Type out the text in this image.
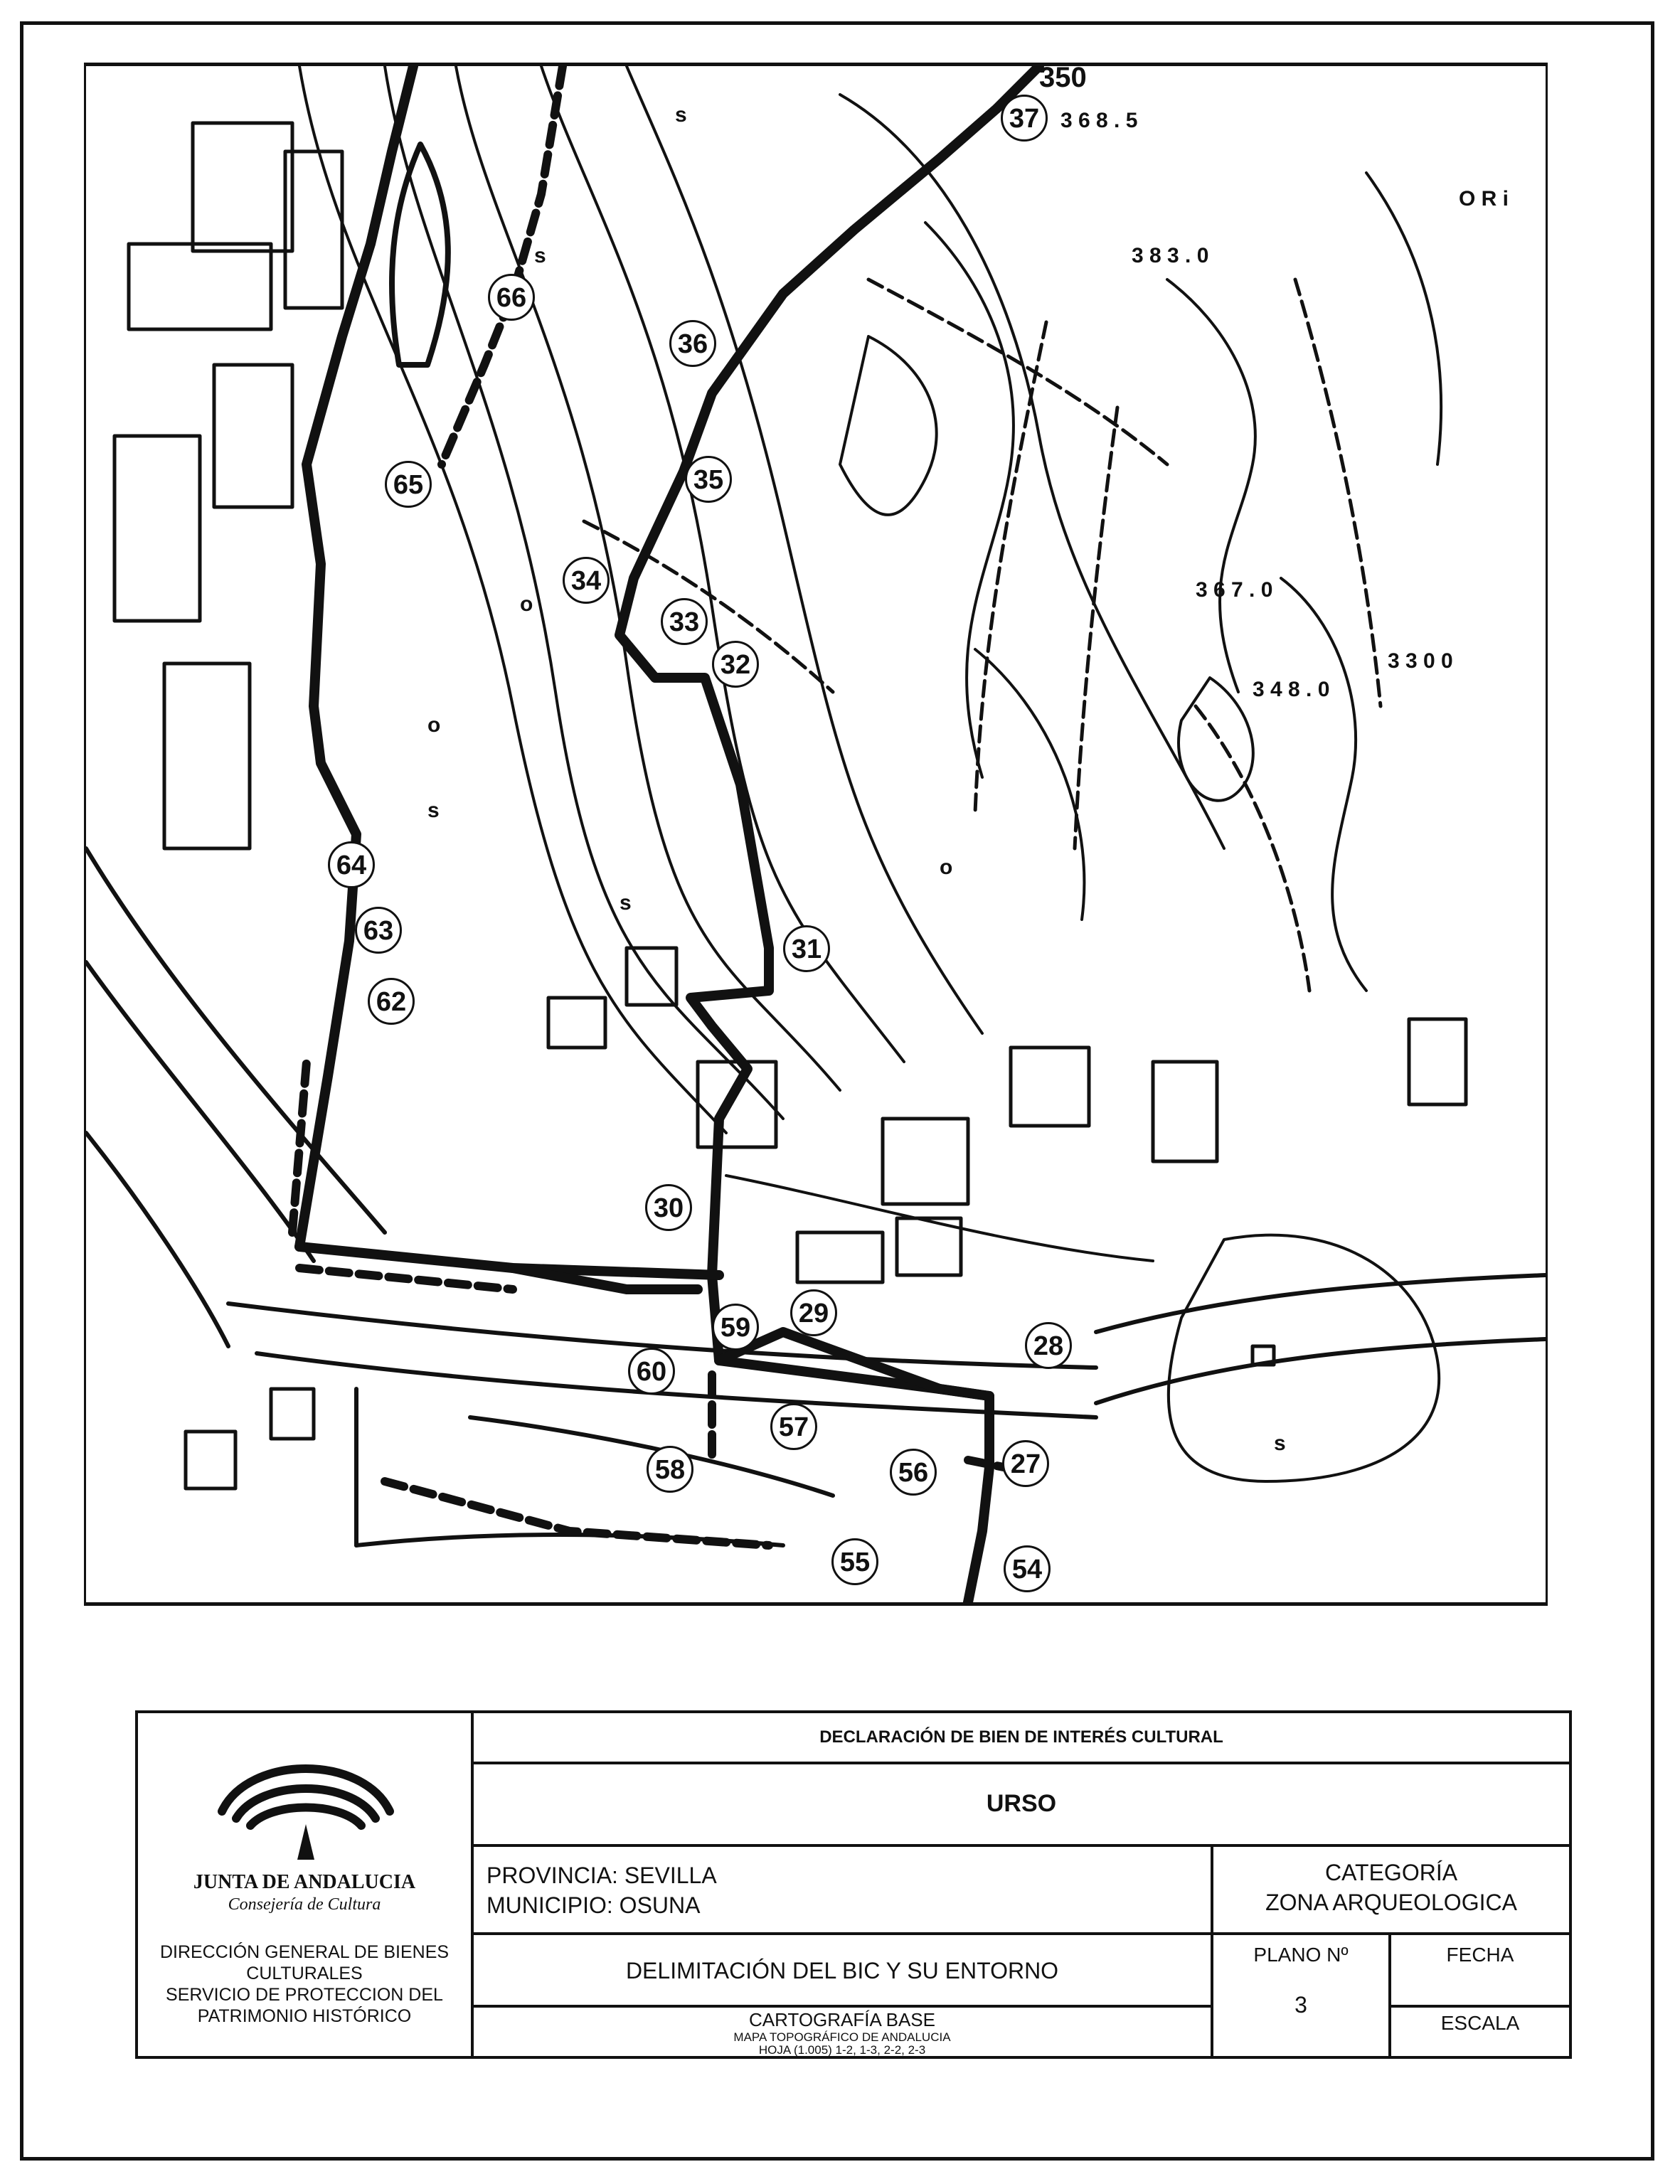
37
66
36
35
65
34
33
32
64
63
31
62
30
29
59
28
60
57
58	56	27
55	54
350
3 6 8 . 5
3 8 3 . 0
3 6 7 . 0
3 3 0 0
3 4 8 . 0
O R i
s
s
s
s
s
o
o
o
JUNTA DE ANDALUCIA
Consejería de Cultura
DIRECCIÓN GENERAL DE BIENES
CULTURALES
SERVICIO DE PROTECCION DEL
PATRIMONIO HISTÓRICO
DECLARACIÓN DE BIEN DE INTERÉS CULTURAL
URSO
PROVINCIA: SEVILLA
MUNICIPIO: OSUNA
CATEGORÍA
ZONA ARQUEOLOGICA
DELIMITACIÓN DEL BIC Y SU ENTORNO
CARTOGRAFÍA BASE
MAPA TOPOGRÁFICO DE ANDALUCIA
HOJA (1.005) 1-2, 1-3, 2-2, 2-3
PLANO Nº
3
FECHA
ESCALA
